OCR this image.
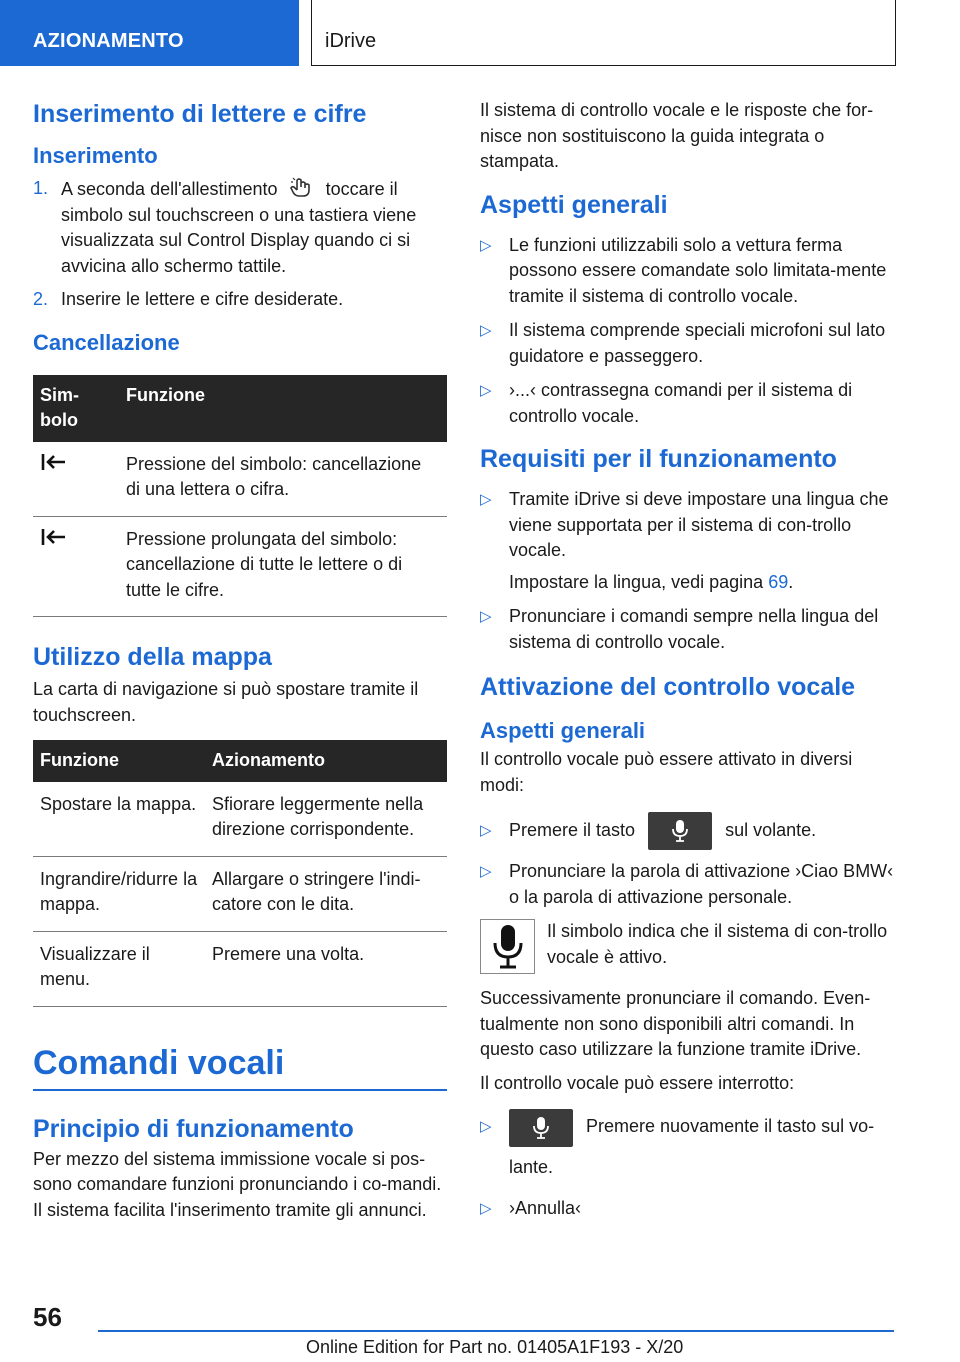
AZIONAMENTO	iDrive
Inserimento di lettere e cifre
Inserimento
1. A seconda dell'allestimento	toccare il simbolo sul touchscreen o una tastiera viene visualizzata sul Control Display quando ci si avvicina allo schermo tattile.
2. Inserire le lettere e cifre desiderate.
Cancellazione
Sim-
bolo	Funzione
	Pressione del simbolo: cancellazione di una lettera o cifra.
	Pressione prolungata del simbolo: cancellazione di tutte le lettere o di tutte le cifre.
Utilizzo della mappa

La carta di navigazione si può spostare tramite il touchscreen.

Funzione	Azionamento
Spostare la mappa.	Sfiorare leggermente nella direzione corrispondente.
Ingrandire/ridurre la mappa.	Allargare o stringere l'indi-catore con le dita.
Visualizzare il menu.	Premere una volta.
Comandi vocali
Principio di funzionamento

Per mezzo del sistema immissione vocale si pos-sono comandare funzioni pronunciando i co-mandi. Il sistema facilita l'inserimento tramite gli annunci.

Il sistema di controllo vocale e le risposte che for-nisce non sostituiscono la guida integrata o stampata.

Aspetti generali
▷ Le funzioni utilizzabili solo a vettura ferma possono essere comandate solo limitata-mente tramite il sistema di controllo vocale.
▷ Il sistema comprende speciali microfoni sul lato guidatore e passeggero.
▷ ›...‹ contrassegna comandi per il sistema di controllo vocale.
Requisiti per il funzionamento
▷ Tramite iDrive si deve impostare una lingua che viene supportata per il sistema di con-trollo vocale.
Impostare la lingua, vedi pagina 69.
▷ Pronunciare i comandi sempre nella lingua del sistema di controllo vocale.
Attivazione del controllo vocale
Aspetti generali

Il controllo vocale può essere attivato in diversi modi:

▷ Premere il tasto	sul volante.
▷ Pronunciare la parola di attivazione ›Ciao BMW‹ o la parola di attivazione personale.

Il simbolo indica che il sistema di con-trollo vocale è attivo.

Successivamente pronunciare il comando. Even-tualmente non sono disponibili altri comandi. In questo caso utilizzare la funzione tramite iDrive.

Il controllo vocale può essere interrotto:

▷	Premere nuovamente il tasto sul vo-lante.
▷ ›Annulla‹
56
Online Edition for Part no. 01405A1F193 - X/20
